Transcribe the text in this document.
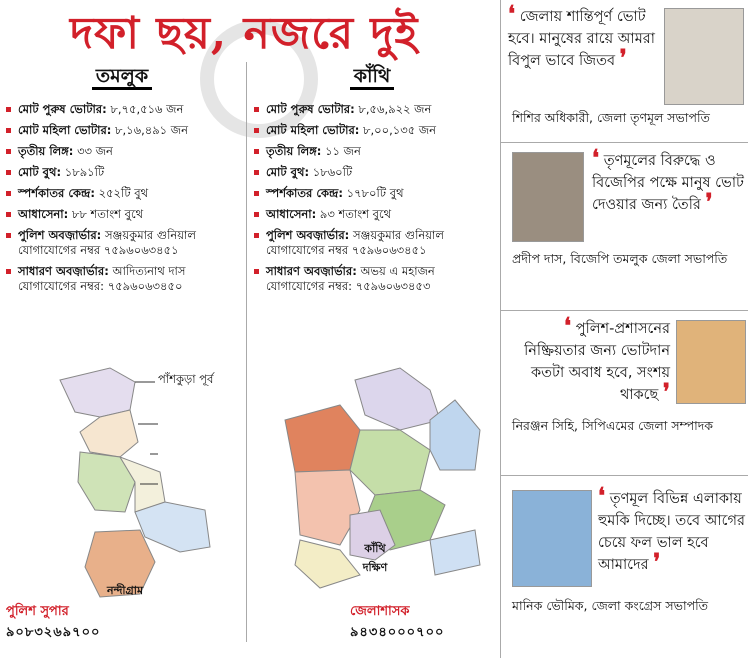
দফা ছয়, নজরে দুই
তমলুক
মোট পুরুষ ভোটার: ৮,৭৫,৫১৬ জন
মোট মহিলা ভোটার: ৮,১৬,৪৯১ জন
তৃতীয় লিঙ্গ: ৩৩ জন
মোট বুথ: ১৮৯১টি
স্পর্শকাতর কেন্দ্র: ২৫২টি বুথ
আধাসেনা: ৮৮ শতাংশ বুথে
পুলিশ অবজ়ার্ভার: সঞ্জয়কুমার গুনিয়াল যোগাযোগের নম্বর ৭৫৯৬০৬৩৪৫১
সাধারণ অবজ়ার্ভার: আদিত্যনাথ দাস যোগাযোগের নম্বর: ৭৫৯৬০৬৩৪৫০
কাঁথি
মোট পুরুষ ভোটার: ৮,৫৬,৯২২ জন
মোট মহিলা ভোটার: ৮,০০,১৩৫ জন
তৃতীয় লিঙ্গ: ১১ জন
মোট বুথ: ১৮৬০টি
স্পর্শকাতর কেন্দ্র: ১৭৮০টি বুথ
আধাসেনা: ৯৩ শতাংশ বুথে
পুলিশ অবজ়ার্ভার: সঞ্জয়কুমার গুনিয়াল যোগাযোগের নম্বর ৭৫৯৬০৬৩৪৫১
সাধারণ অবজ়ার্ভার: অভয় এ মহাজন যোগাযোগের নম্বর: ৭৫৯৬০৬৩৪৫৩
পাঁশকুড়া পূর্ব
নন্দীগ্রাম
কাঁথি দক্ষিণ
পুলিশ সুপার
৯০৮৩২৬৯৭০০
জেলাশাসক
৯৪৩৪০০০৭০০
❛ জেলায় শান্তিপূর্ণ ভোট হবে। মানুষের রায়ে আমরা বিপুল ভাবে জিতব ❜
শিশির অধিকারী, জেলা তৃণমূল সভাপতি
❛ তৃণমূলের বিরুদ্ধে ও বিজেপির পক্ষে মানুষ ভোট দেওয়ার জন্য তৈরি ❜
প্রদীপ দাস, বিজেপি তমলুক জেলা সভাপতি
❛ পুলিশ-প্রশাসনের নিষ্ক্রিয়তার জন্য ভোটদান কতটা অবাধ হবে, সংশয় থাকছে ❜
নিরঞ্জন সিহি, সিপিএমের জেলা সম্পাদক
❛ তৃণমূল বিভিন্ন এলাকায় হুমকি দিচ্ছে। তবে আগের চেয়ে ফল ভাল হবে আমাদের ❜
মানিক ভৌমিক, জেলা কংগ্রেস সভাপতি
